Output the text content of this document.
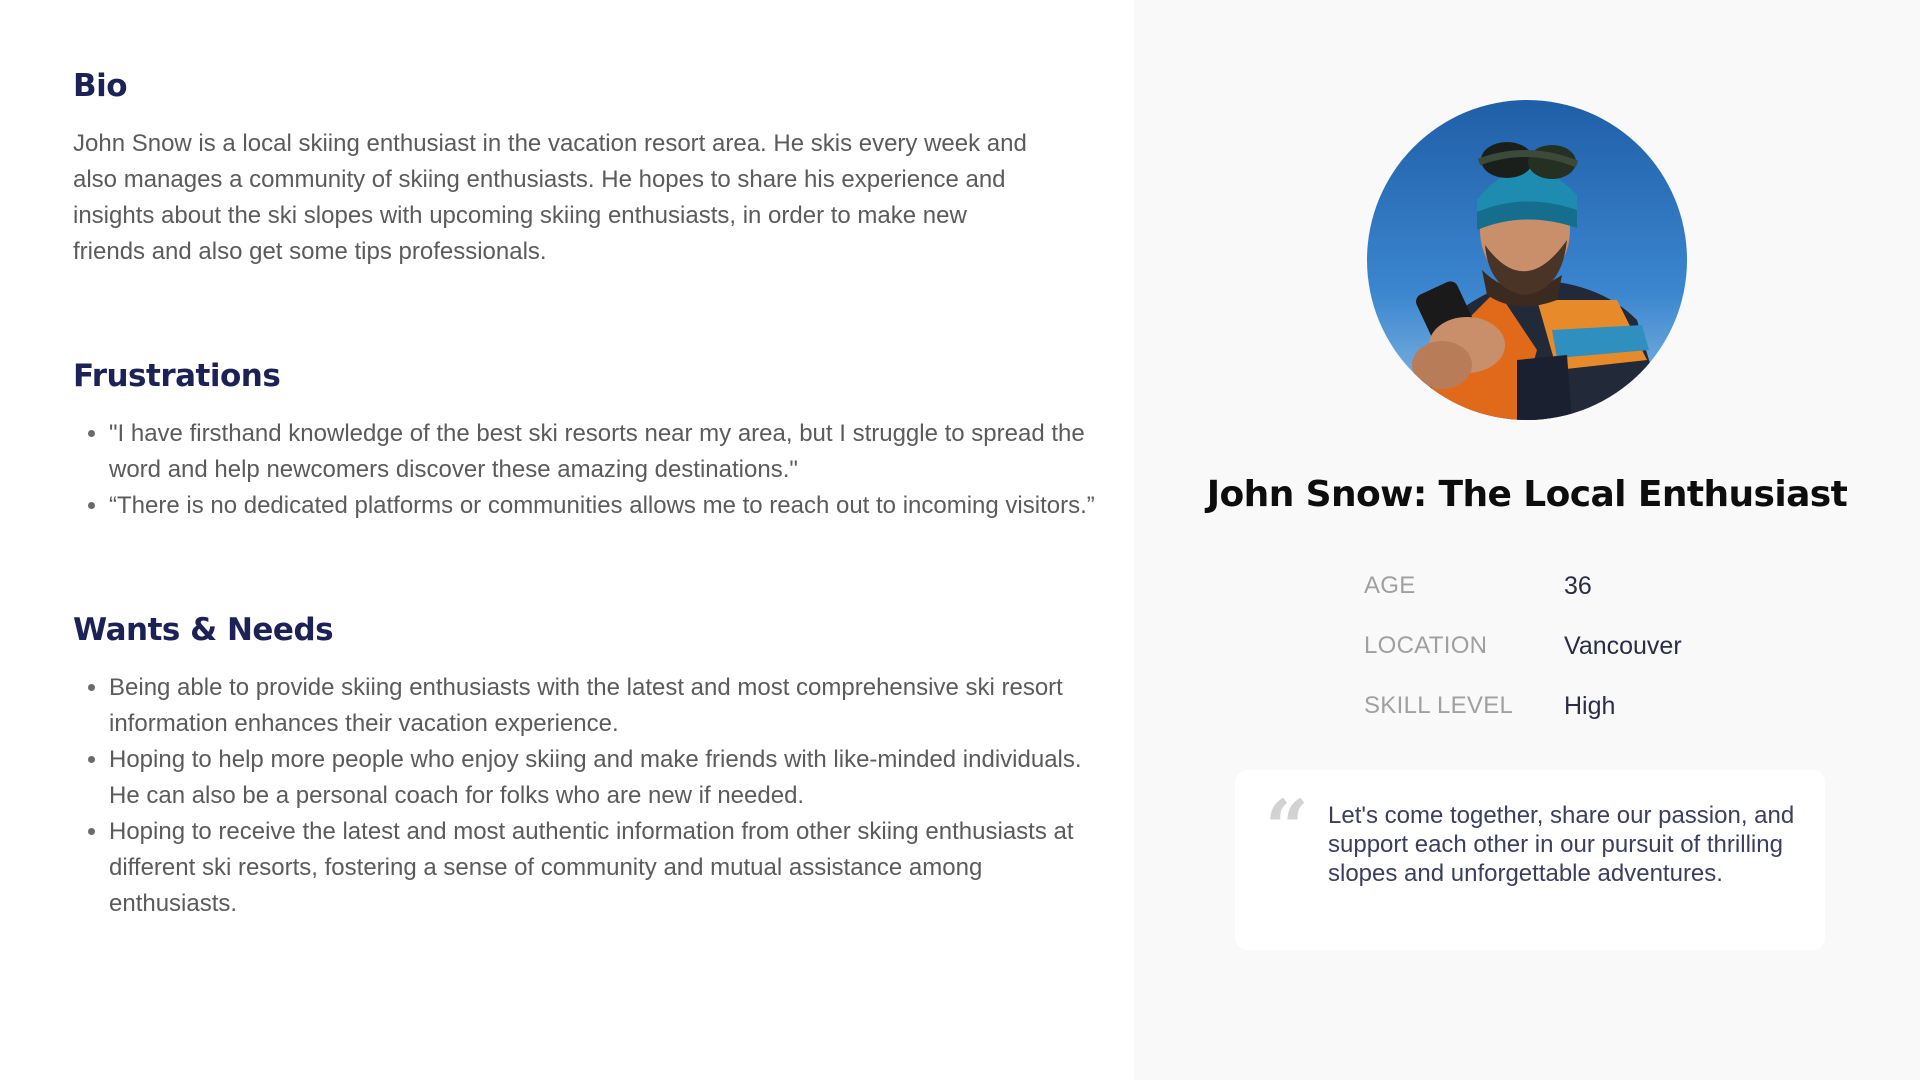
Bio

John Snow is a local skiing enthusiast in the vacation resort area. He skis every week and also manages a community of skiing enthusiasts. He hopes to share his experience and insights about the ski slopes with upcoming skiing enthusiasts, in order to make new friends and also get some tips professionals.

Frustrations
• "I have firsthand knowledge of the best ski resorts near my area, but I struggle to spread the word and help newcomers discover these amazing destinations."
• “There is no dedicated platforms or communities allows me to reach out to incoming visitors.”
Wants & Needs
• Being able to provide skiing enthusiasts with the latest and most comprehensive ski resort information enhances their vacation experience.
• Hoping to help more people who enjoy skiing and make friends with like-minded individuals. He can also be a personal coach for folks who are new if needed.
• Hoping to receive the latest and most authentic information from other skiing enthusiasts at different ski resorts, fostering a sense of community and mutual assistance among enthusiasts.
John Snow: The Local Enthusiast
AGE	36
LOCATION	Vancouver
SKILL LEVEL	High
“ Let's come together, share our passion, and support each other in our pursuit of thrilling slopes and unforgettable adventures.
